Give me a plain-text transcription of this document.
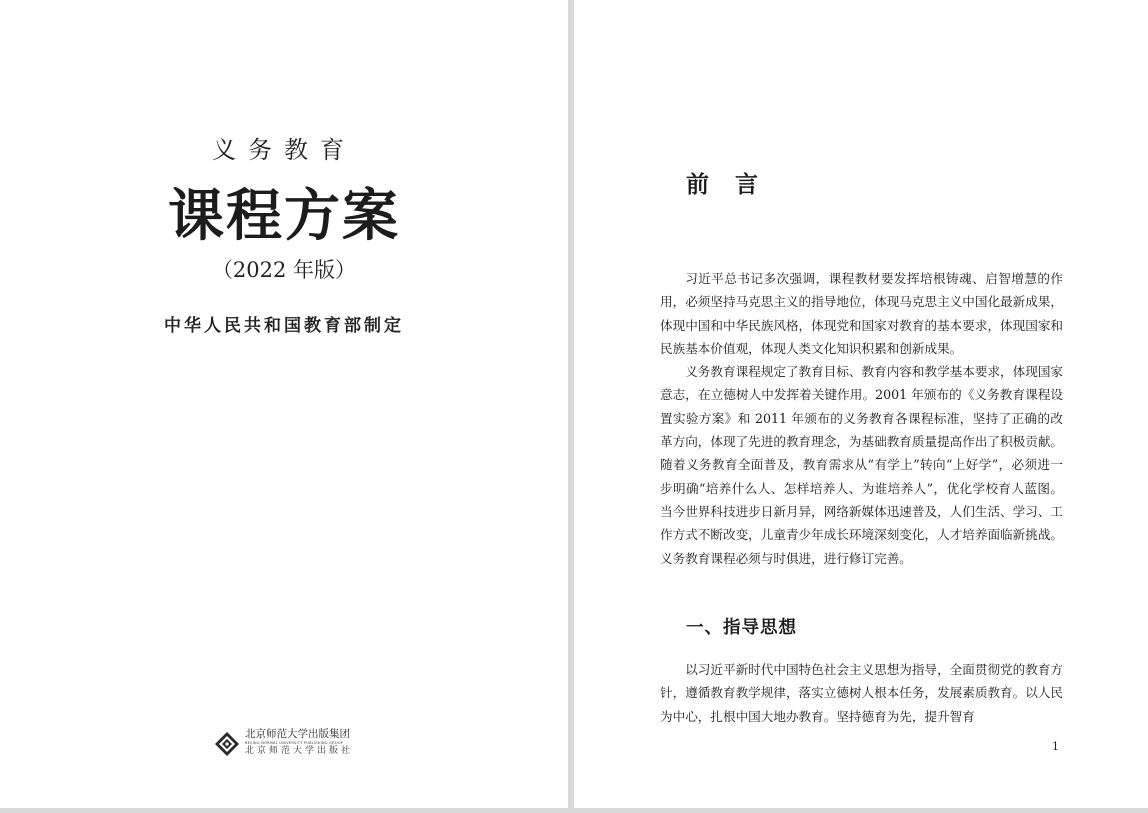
义务教育
课程方案
（2022 年版）
中华人民共和国教育部制定
北京师范大学出版集团
BEIJING NORMAL UNIVERSITY PUBLISHING GROUP
北京师范大学出版社
前言

习近平总书记多次强调，课程教材要发挥培根铸魂、启智增慧的作用，必须坚持马克思主义的指导地位，体现马克思主义中国化最新成果，体现中国和中华民族风格，体现党和国家对教育的基本要求，体现国家和民族基本价值观，体现人类文化知识积累和创新成果。

义务教育课程规定了教育目标、教育内容和教学基本要求，体现国家意志，在立德树人中发挥着关键作用。2001 年颁布的《义务教育课程设置实验方案》和 2011 年颁布的义务教育各课程标准，坚持了正确的改革方向，体现了先进的教育理念，为基础教育质量提高作出了积极贡献。随着义务教育全面普及，教育需求从“有学上”转向“上好学”，必须进一步明确“培养什么人、怎样培养人、为谁培养人”，优化学校育人蓝图。当今世界科技进步日新月异，网络新媒体迅速普及，人们生活、学习、工作方式不断改变，儿童青少年成长环境深刻变化，人才培养面临新挑战。义务教育课程必须与时俱进，进行修订完善。

一、指导思想

以习近平新时代中国特色社会主义思想为指导，全面贯彻党的教育方针，遵循教育教学规律，落实立德树人根本任务，发展素质教育。以人民为中心，扎根中国大地办教育。坚持德育为先，提升智育

1
